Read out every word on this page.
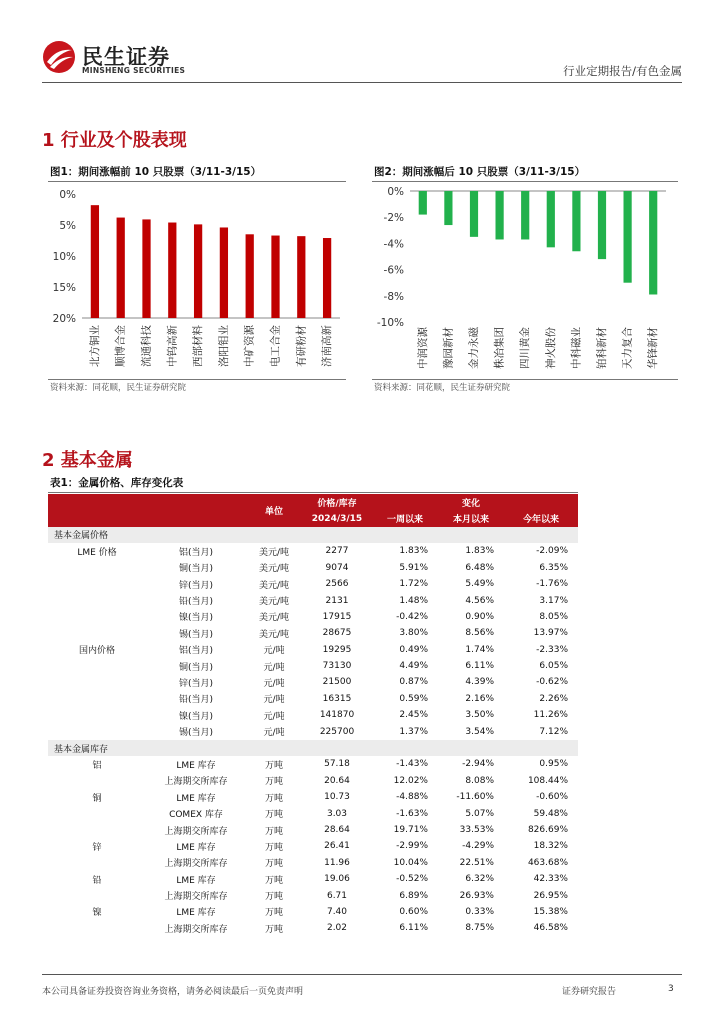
民生证券
MINSHENG SECURITIES	行业定期报告/有色金属
1 行业及个股表现
图1：期间涨幅前 10 只股票（3/11-3/15）
0%
5%
10%
15%
20%
北方铜业 顺博合金 流通科技 中钨高新 西部材料 洛阳钼业 中矿资源 电工合金 有研粉材 济南高新
资料来源：同花顺，民生证券研究院
图2：期间涨幅后 10 只股票（3/11-3/15）
0%
-2%
-4%
-6%
-8%
-10%
中润资源 豫园新材 金力永磁 株冶集团 四川黄金 神火股份 中科磁业 铂科新材 天力复合 华锋新材
资料来源：同花顺，民生证券研究院
2 基本金属
表1：金属价格、库存变化表
		单位	价格/库存		变化	
			2024/3/15	一周以来	本月以来	今年以来
基本金属价格						
LME 价格	铝(当月)	美元/吨	2277	1.83%	1.83%	-2.09%
	铜(当月)	美元/吨	9074	5.91%	6.48%	6.35%
	锌(当月)	美元/吨	2566	1.72%	5.49%	-1.76%
	铅(当月)	美元/吨	2131	1.48%	4.56%	3.17%
	镍(当月)	美元/吨	17915	-0.42%	0.90%	8.05%
	锡(当月)	美元/吨	28675	3.80%	8.56%	13.97%
国内价格	铝(当月)	元/吨	19295	0.49%	1.74%	-2.33%
	铜(当月)	元/吨	73130	4.49%	6.11%	6.05%
	锌(当月)	元/吨	21500	0.87%	4.39%	-0.62%
	铅(当月)	元/吨	16315	0.59%	2.16%	2.26%
	镍(当月)	元/吨	141870	2.45%	3.50%	11.26%
	锡(当月)	元/吨	225700	1.37%	3.54%	7.12%
基本金属库存						
铝	LME 库存	万吨	57.18	-1.43%	-2.94%	0.95%
	上海期交所库存	万吨	20.64	12.02%	8.08%	108.44%
铜	LME 库存	万吨	10.73	-4.88%	-11.60%	-0.60%
	COMEX 库存	万吨	3.03	-1.63%	5.07%	59.48%
	上海期交所库存	万吨	28.64	19.71%	33.53%	826.69%
锌	LME 库存	万吨	26.41	-2.99%	-4.29%	18.32%
	上海期交所库存	万吨	11.96	10.04%	22.51%	463.68%
铅	LME 库存	万吨	19.06	-0.52%	6.32%	42.33%
	上海期交所库存	万吨	6.71	6.89%	26.93%	26.95%
镍	LME 库存	万吨	7.40	0.60%	0.33%	15.38%
	上海期交所库存	万吨	2.02	6.11%	8.75%	46.58%
本公司具备证券投资咨询业务资格，请务必阅读最后一页免责声明	证券研究报告	3
